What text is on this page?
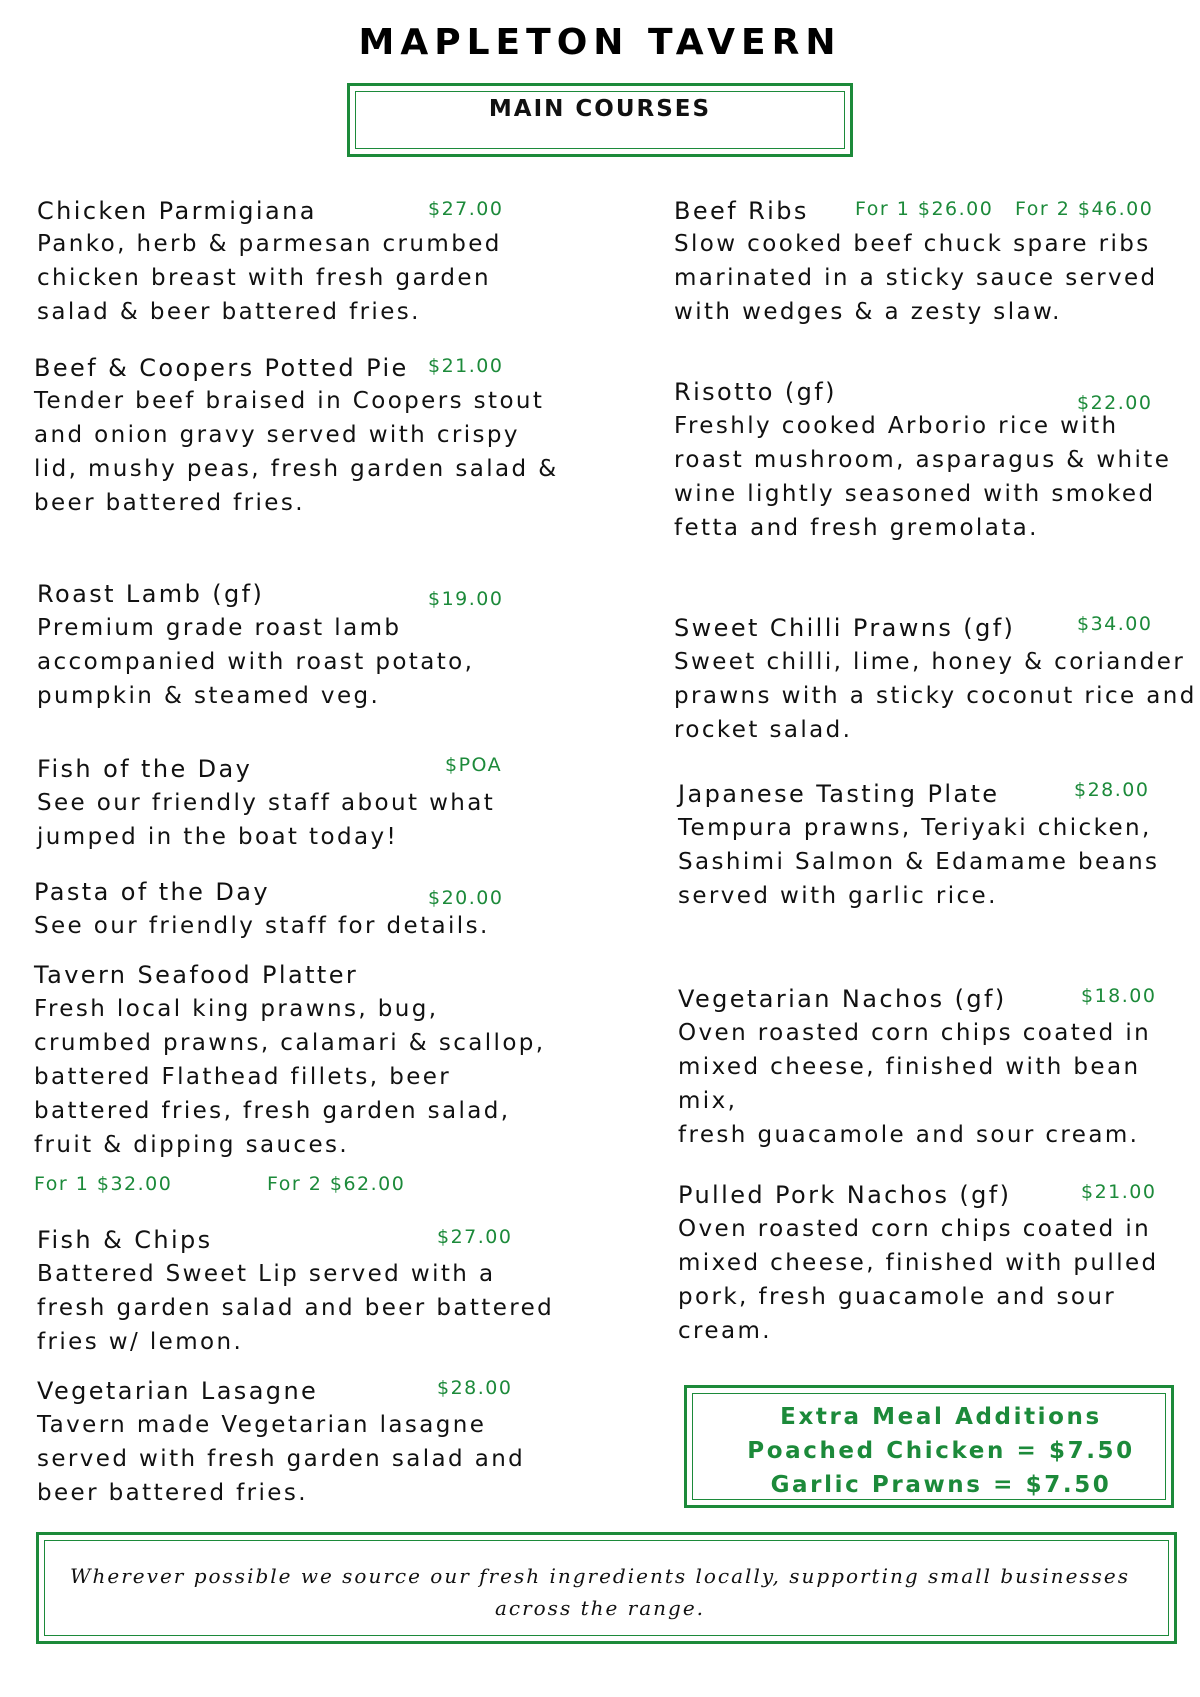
MAPLETON TAVERN
MAIN COURSES
Chicken Parmigiana	$27.00
Panko, herb & parmesan crumbed
chicken breast with fresh garden
salad & beer battered fries.
Beef & Coopers Potted Pie $21.00
Tender beef braised in Coopers stout
and onion gravy served with crispy
lid, mushy peas, fresh garden salad &
beer battered fries.
Roast Lamb (gf)	$19.00
Premium grade roast lamb
accompanied with roast potato,
pumpkin & steamed veg.
Fish of the Day	$POA
See our friendly staff about what
jumped in the boat today!
Pasta of the Day	$20.00
See our friendly staff for details.
Tavern Seafood Platter
Fresh local king prawns, bug,
crumbed prawns, calamari & scallop,
battered Flathead fillets, beer
battered fries, fresh garden salad,
fruit & dipping sauces.
For 1 $32.00	For 2 $62.00
Fish & Chips	$27.00
Battered Sweet Lip served with a
fresh garden salad and beer battered
fries w/ lemon.
Vegetarian Lasagne	$28.00
Tavern made Vegetarian lasagne
served with fresh garden salad and
beer battered fries.
Beef Ribs For 1 $26.00 For 2 $46.00
Slow cooked beef chuck spare ribs
marinated in a sticky sauce served
with wedges & a zesty slaw.
Risotto (gf)	$22.00
Freshly cooked Arborio rice with
roast mushroom, asparagus & white
wine lightly seasoned with smoked
fetta and fresh gremolata.
Sweet Chilli Prawns (gf)	$34.00
Sweet chilli, lime, honey & coriander
prawns with a sticky coconut rice and
rocket salad.
Japanese Tasting Plate	$28.00
Tempura prawns, Teriyaki chicken,
Sashimi Salmon & Edamame beans
served with garlic rice.
Vegetarian Nachos (gf)	$18.00
Oven roasted corn chips coated in
mixed cheese, finished with bean mix,
fresh guacamole and sour cream.
Pulled Pork Nachos (gf)	$21.00
Oven roasted corn chips coated in
mixed cheese, finished with pulled
pork, fresh guacamole and sour
cream.
Extra Meal Additions
Poached Chicken = $7.50
Garlic Prawns = $7.50
Wherever possible we source our fresh ingredients locally, supporting small businesses across the range.
